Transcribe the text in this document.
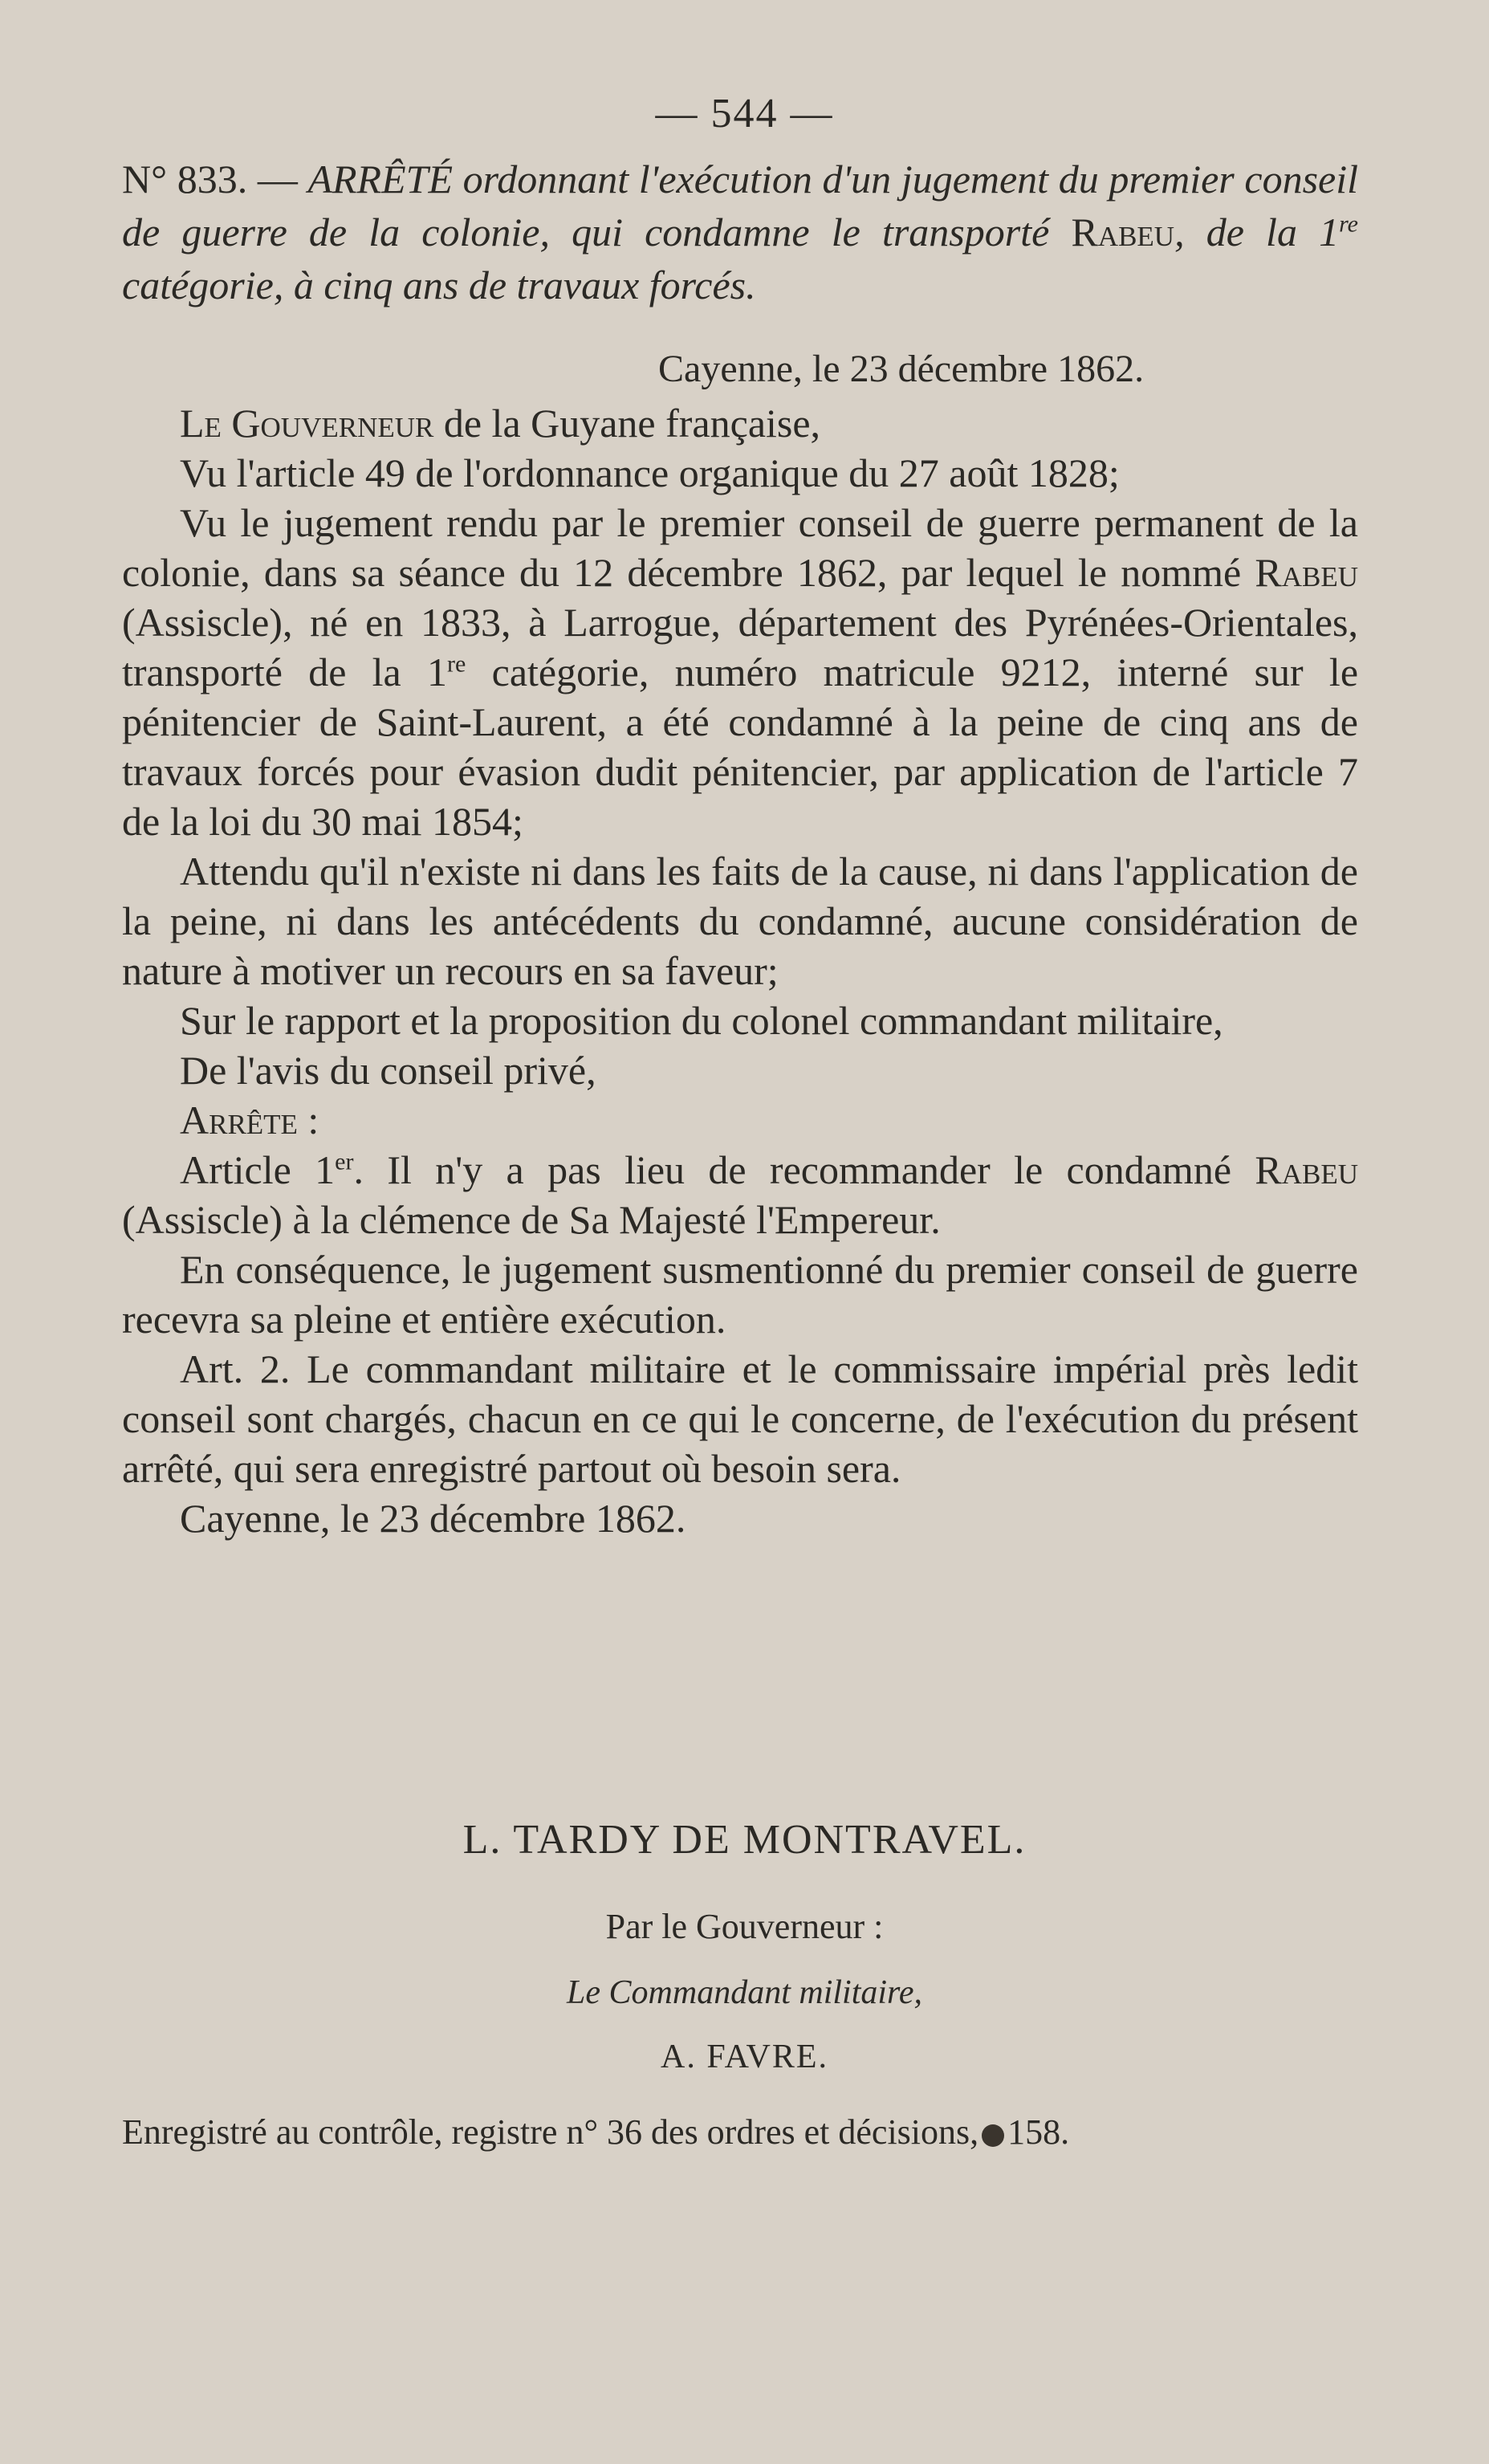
— 544 —
N° 833. — ARRÊTÉ ordonnant l'exécution d'un jugement du premier conseil de guerre de la colonie, qui condamne le transporté Rabeu, de la 1re catégorie, à cinq ans de travaux forcés.
Cayenne, le 23 décembre 1862.

Le Gouverneur de la Guyane française,

Vu l'article 49 de l'ordonnance organique du 27 août 1828;

Vu le jugement rendu par le premier conseil de guerre permanent de la colonie, dans sa séance du 12 décembre 1862, par lequel le nommé Rabeu (Assiscle), né en 1833, à Larrogue, département des Pyrénées-Orientales, transporté de la 1re catégorie, numéro matricule 9212, interné sur le pénitencier de Saint-Laurent, a été condamné à la peine de cinq ans de travaux forcés pour évasion dudit pénitencier, par application de l'article 7 de la loi du 30 mai 1854;

Attendu qu'il n'existe ni dans les faits de la cause, ni dans l'application de la peine, ni dans les antécédents du condamné, aucune considération de nature à motiver un recours en sa faveur;

Sur le rapport et la proposition du colonel commandant militaire,

De l'avis du conseil privé,

Arrête :

Article 1er. Il n'y a pas lieu de recommander le condamné Rabeu (Assiscle) à la clémence de Sa Majesté l'Empereur.

En conséquence, le jugement susmentionné du premier conseil de guerre recevra sa pleine et entière exécution.

Art. 2. Le commandant militaire et le commissaire impérial près ledit conseil sont chargés, chacun en ce qui le concerne, de l'exécution du présent arrêté, qui sera enregistré partout où besoin sera.

Cayenne, le 23 décembre 1862.

L. TARDY DE MONTRAVEL.
Par le Gouverneur :
Le Commandant militaire,
A. FAVRE.
Enregistré au contrôle, registre n° 36 des ordres et décisions, 158.
